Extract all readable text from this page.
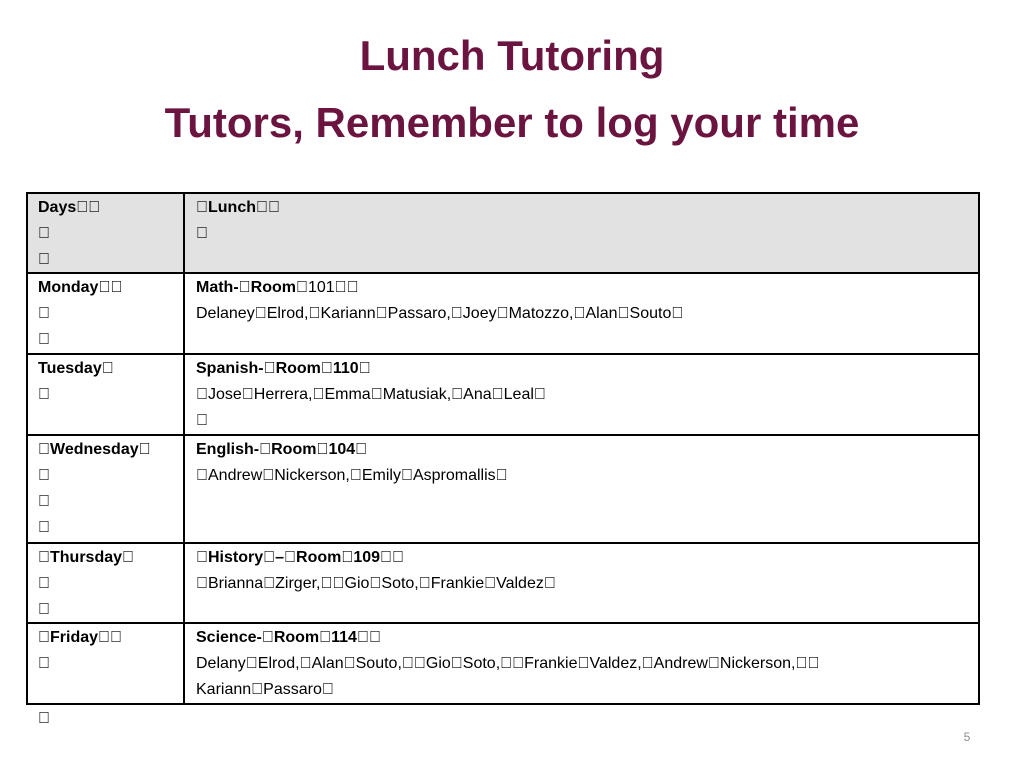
Lunch Tutoring
Tutors, Remember to log your time
Days	Lunch
Monday	Math- Room 101
Delaney Elrod, Kariann Passaro, Joey Matozzo, Alan Souto
Tuesday	Spanish- Room 110
Jose Herrera, Emma Matusiak, Ana Leal
Wednesday	English- Room 104
Andrew Nickerson, Emily Aspromallis
Thursday	History – Room 109
Brianna Zirger, Gio Soto, Frankie Valdez
Friday	Science- Room 114
Delany Elrod, Alan Souto, Gio Soto, Frankie Valdez, Andrew Nickerson,
Kariann Passaro
5
